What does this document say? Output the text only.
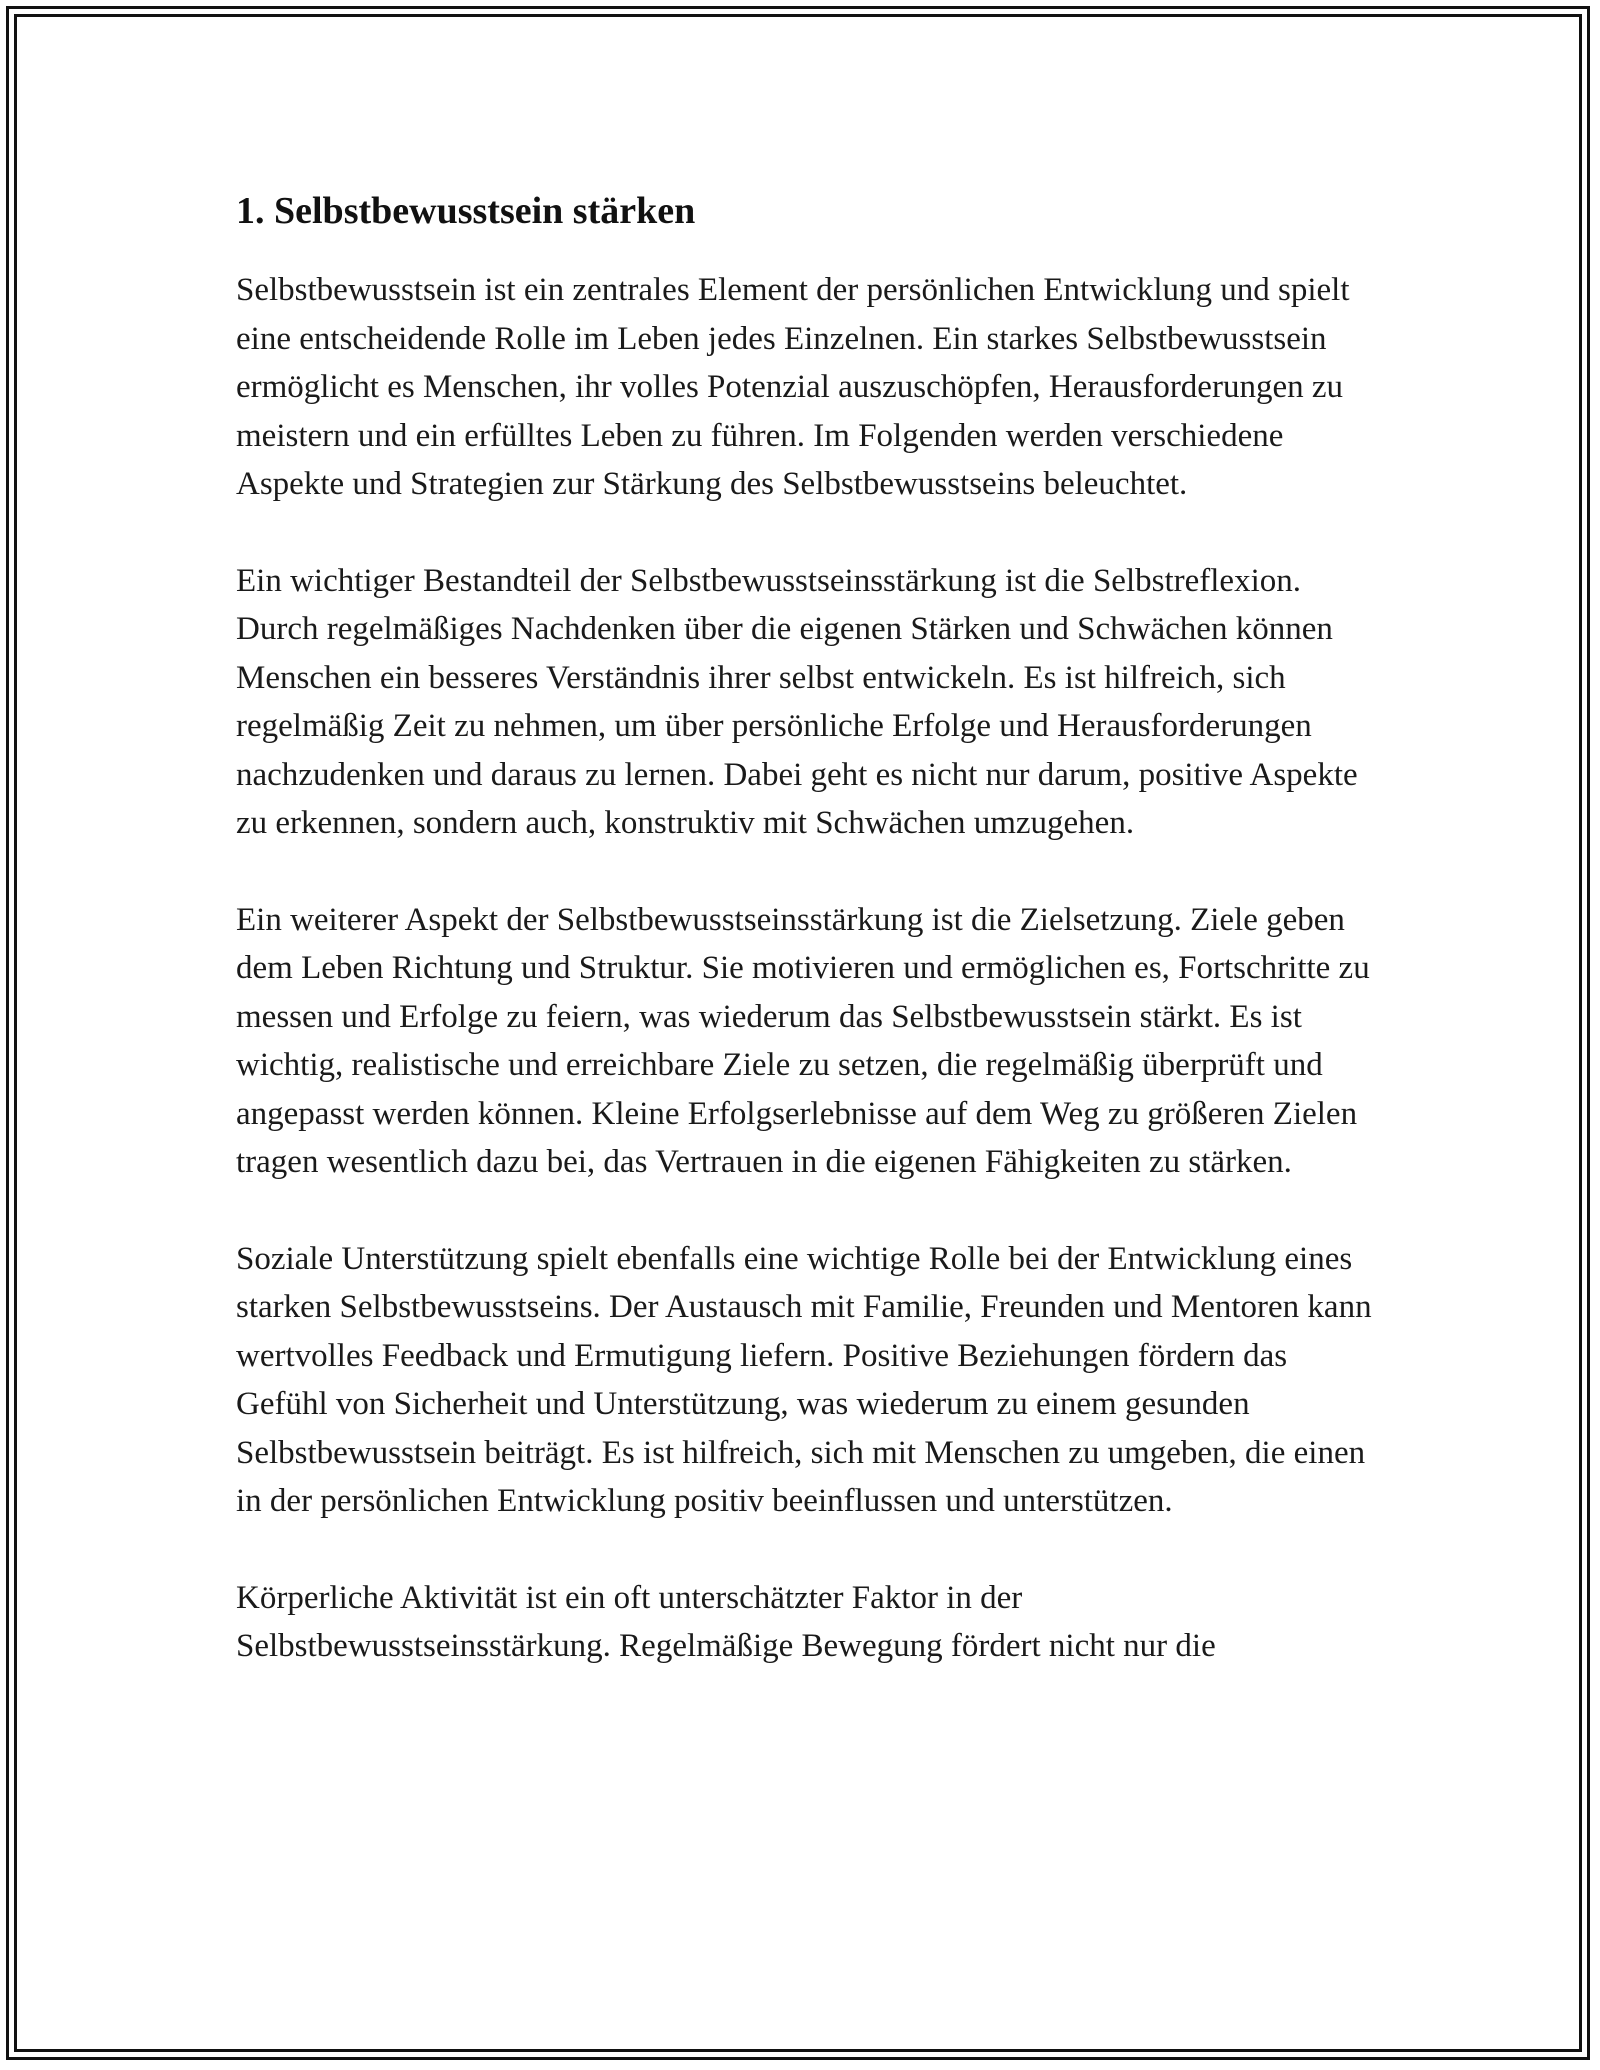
1. Selbstbewusstsein stärken

Selbstbewusstsein ist ein zentrales Element der persönlichen Entwicklung und spielt eine entscheidende Rolle im Leben jedes Einzelnen. Ein starkes Selbstbewusstsein ermöglicht es Menschen, ihr volles Potenzial auszuschöpfen, Herausforderungen zu meistern und ein erfülltes Leben zu führen. Im Folgenden werden verschiedene Aspekte und Strategien zur Stärkung des Selbstbewusstseins beleuchtet.

Ein wichtiger Bestandteil der Selbstbewusstseinsstärkung ist die Selbstreflexion. Durch regelmäßiges Nachdenken über die eigenen Stärken und Schwächen können Menschen ein besseres Verständnis ihrer selbst entwickeln. Es ist hilfreich, sich regelmäßig Zeit zu nehmen, um über persönliche Erfolge und Herausforderungen nachzudenken und daraus zu lernen. Dabei geht es nicht nur darum, positive Aspekte zu erkennen, sondern auch, konstruktiv mit Schwächen umzugehen.

Ein weiterer Aspekt der Selbstbewusstseinsstärkung ist die Zielsetzung. Ziele geben dem Leben Richtung und Struktur. Sie motivieren und ermöglichen es, Fortschritte zu messen und Erfolge zu feiern, was wiederum das Selbstbewusstsein stärkt. Es ist wichtig, realistische und erreichbare Ziele zu setzen, die regelmäßig überprüft und angepasst werden können. Kleine Erfolgserlebnisse auf dem Weg zu größeren Zielen tragen wesentlich dazu bei, das Vertrauen in die eigenen Fähigkeiten zu stärken.

Soziale Unterstützung spielt ebenfalls eine wichtige Rolle bei der Entwicklung eines starken Selbstbewusstseins. Der Austausch mit Familie, Freunden und Mentoren kann wertvolles Feedback und Ermutigung liefern. Positive Beziehungen fördern das Gefühl von Sicherheit und Unterstützung, was wiederum zu einem gesunden Selbstbewusstsein beiträgt. Es ist hilfreich, sich mit Menschen zu umgeben, die einen in der persönlichen Entwicklung positiv beeinflussen und unterstützen.

Körperliche Aktivität ist ein oft unterschätzter Faktor in der Selbstbewusstseinsstärkung. Regelmäßige Bewegung fördert nicht nur die
